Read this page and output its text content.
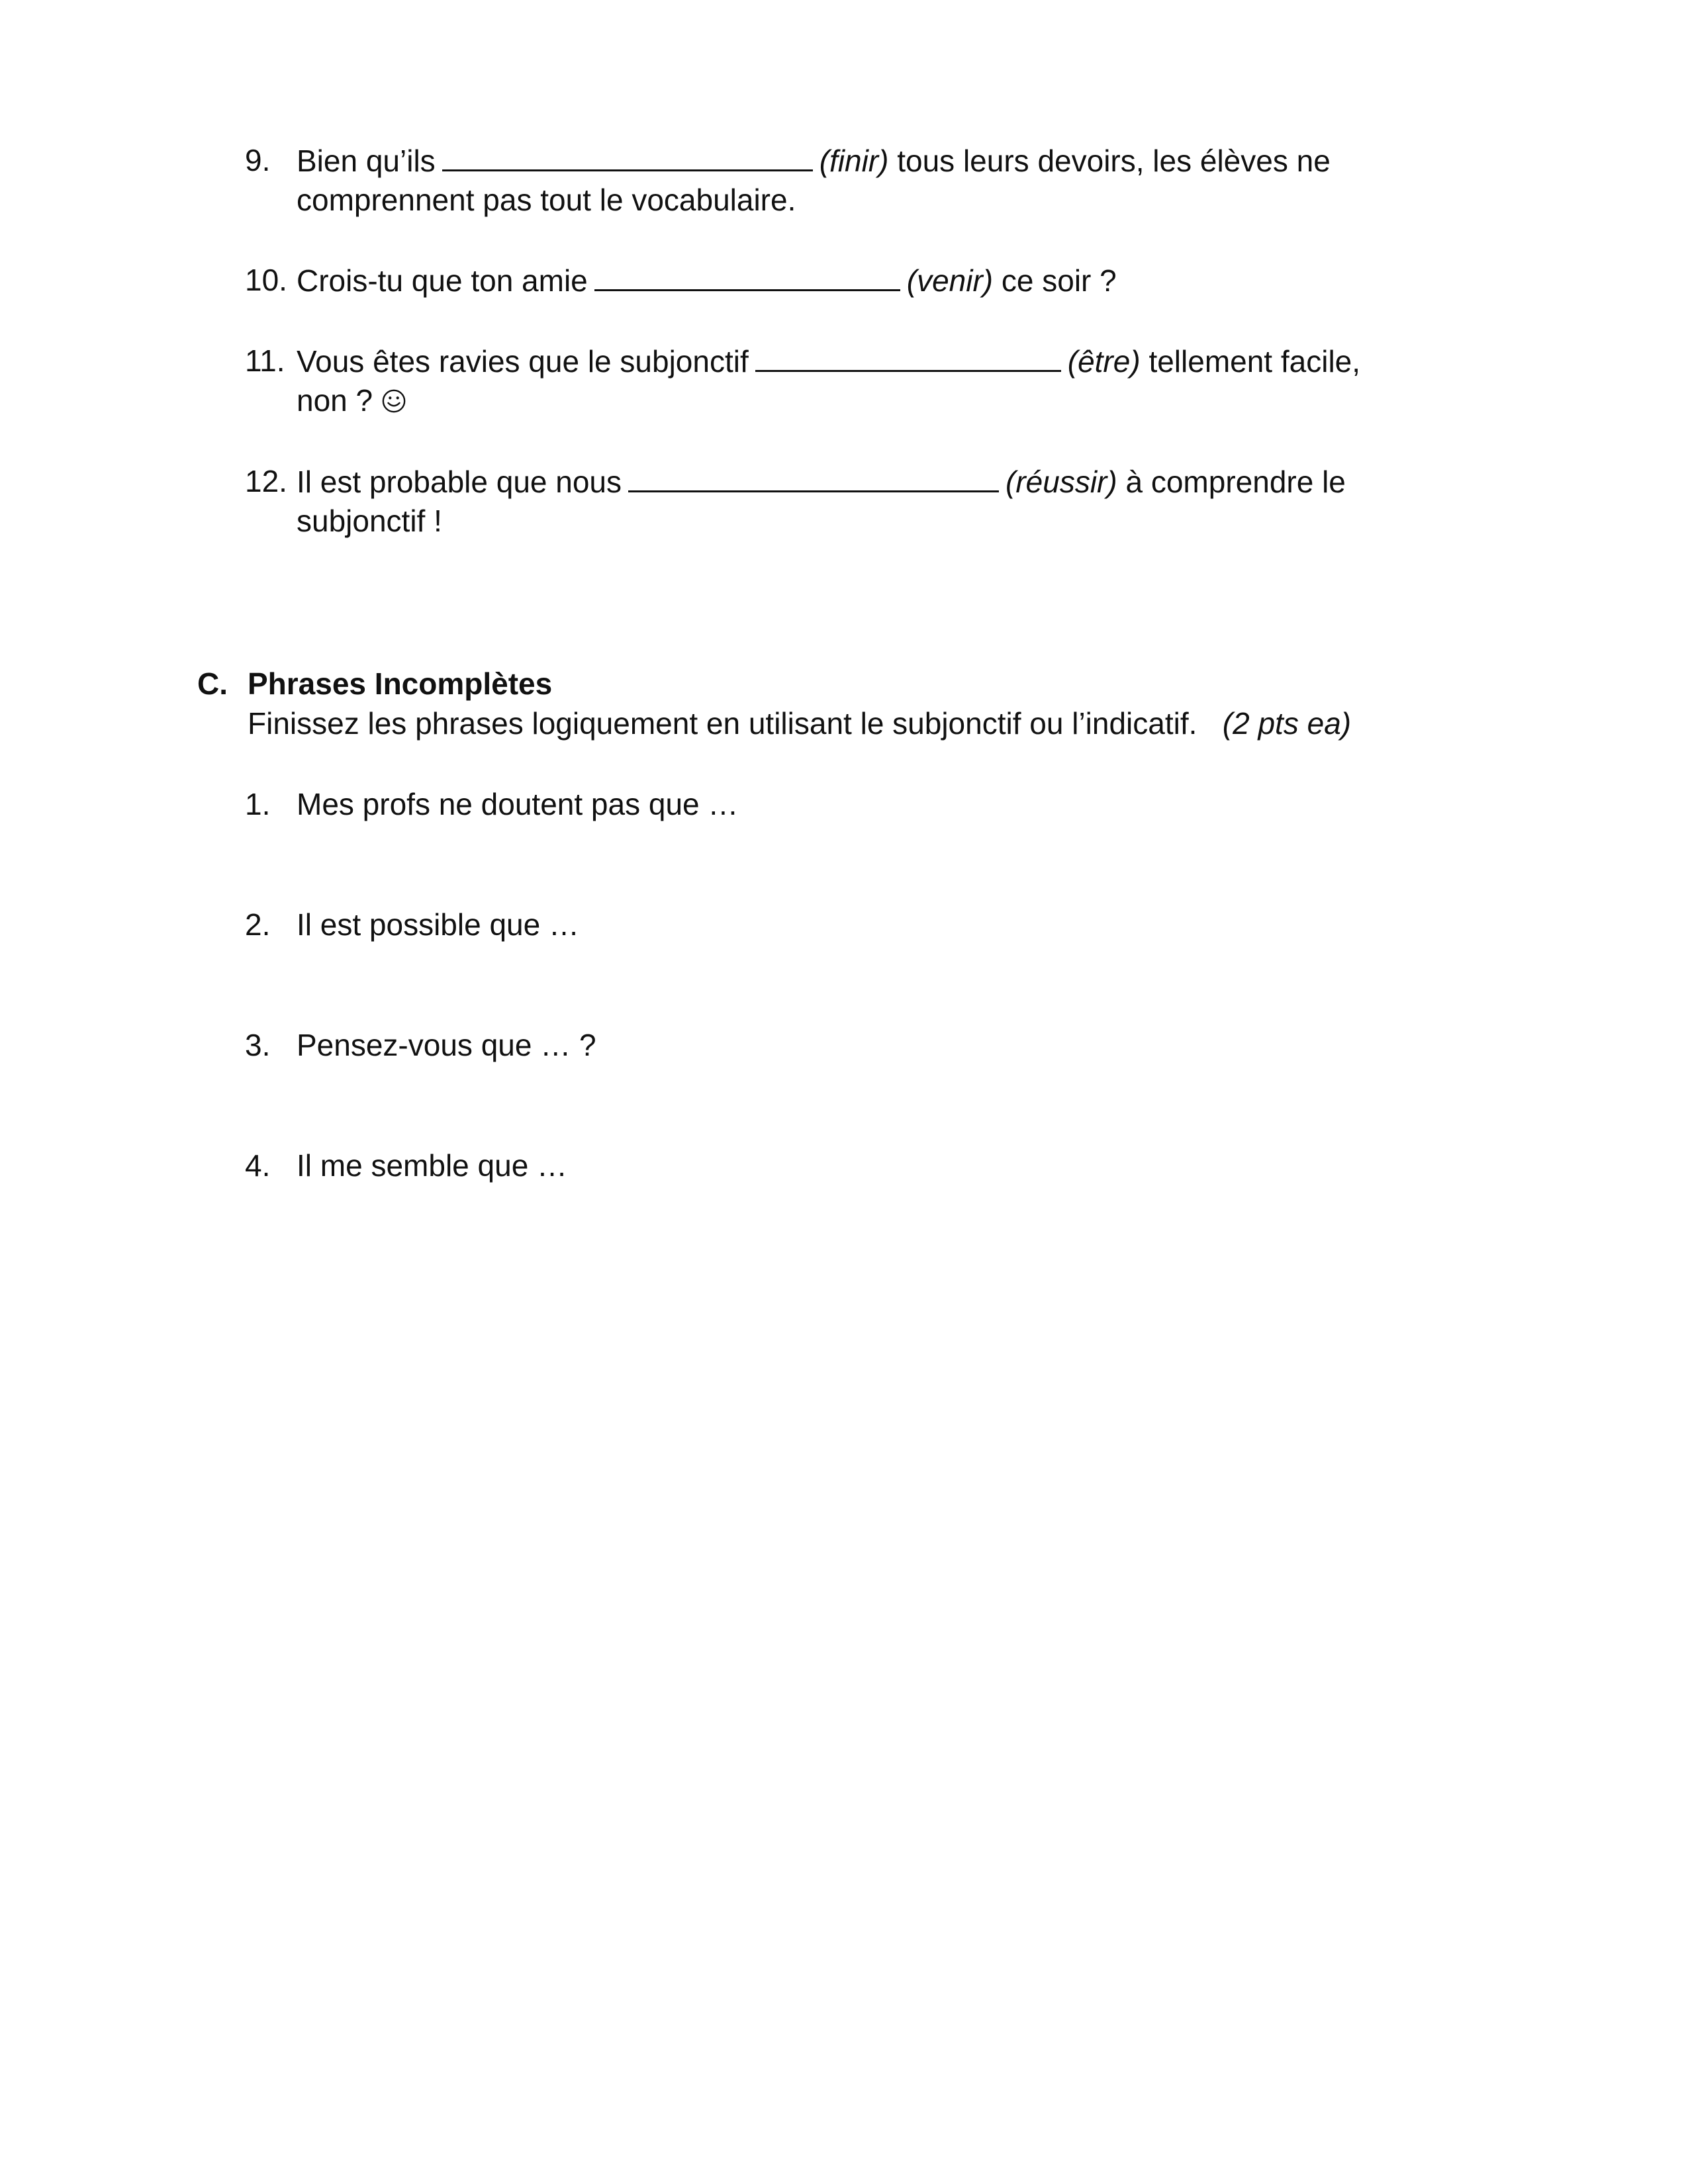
9. Bien qu’ils	(finir) tous leurs devoirs, les élèves ne
comprennent pas tout le vocabulaire.
10. Crois-tu que ton amie	(venir) ce soir ?
11. Vous êtes ravies que le subjonctif	(être) tellement facile,
non ?
12. Il est probable que nous	(réussir) à comprendre le
subjonctif !
C. Phrases Incomplètes
Finissez les phrases logiquement en utilisant le subjonctif ou l’indicatif. (2 pts ea)
1. Mes profs ne doutent pas que …
2. Il est possible que …
3. Pensez-vous que … ?
4. Il me semble que …
